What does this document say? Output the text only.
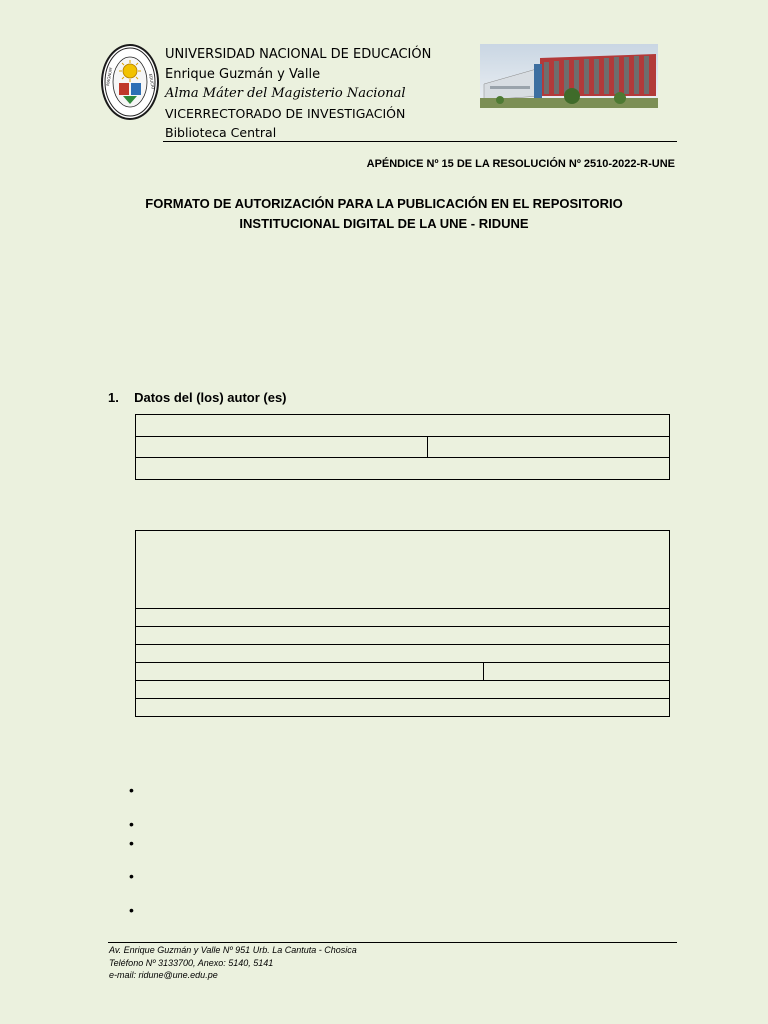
MAGNUM	EDUCAT
UNIVERSIDAD NACIONAL DE EDUCACIÓN
Enrique Guzmán y Valle
Alma Máter del Magisterio Nacional
VICERRECTORADO DE INVESTIGACIÓN
Biblioteca Central
APÉNDICE Nº 15 DE LA RESOLUCIÓN Nº 2510-2022-R-UNE
FORMATO DE AUTORIZACIÓN PARA LA PUBLICACIÓN EN EL REPOSITORIO
INSTITUCIONAL DIGITAL DE LA UNE - RIDUNE
1. Datos del (los) autor (es)
•
•
•
•
•
Av. Enrique Guzmán y Valle Nº 951 Urb. La Cantuta - Chosica
Teléfono Nº 3133700, Anexo: 5140, 5141
e-mail: ridune@une.edu.pe
